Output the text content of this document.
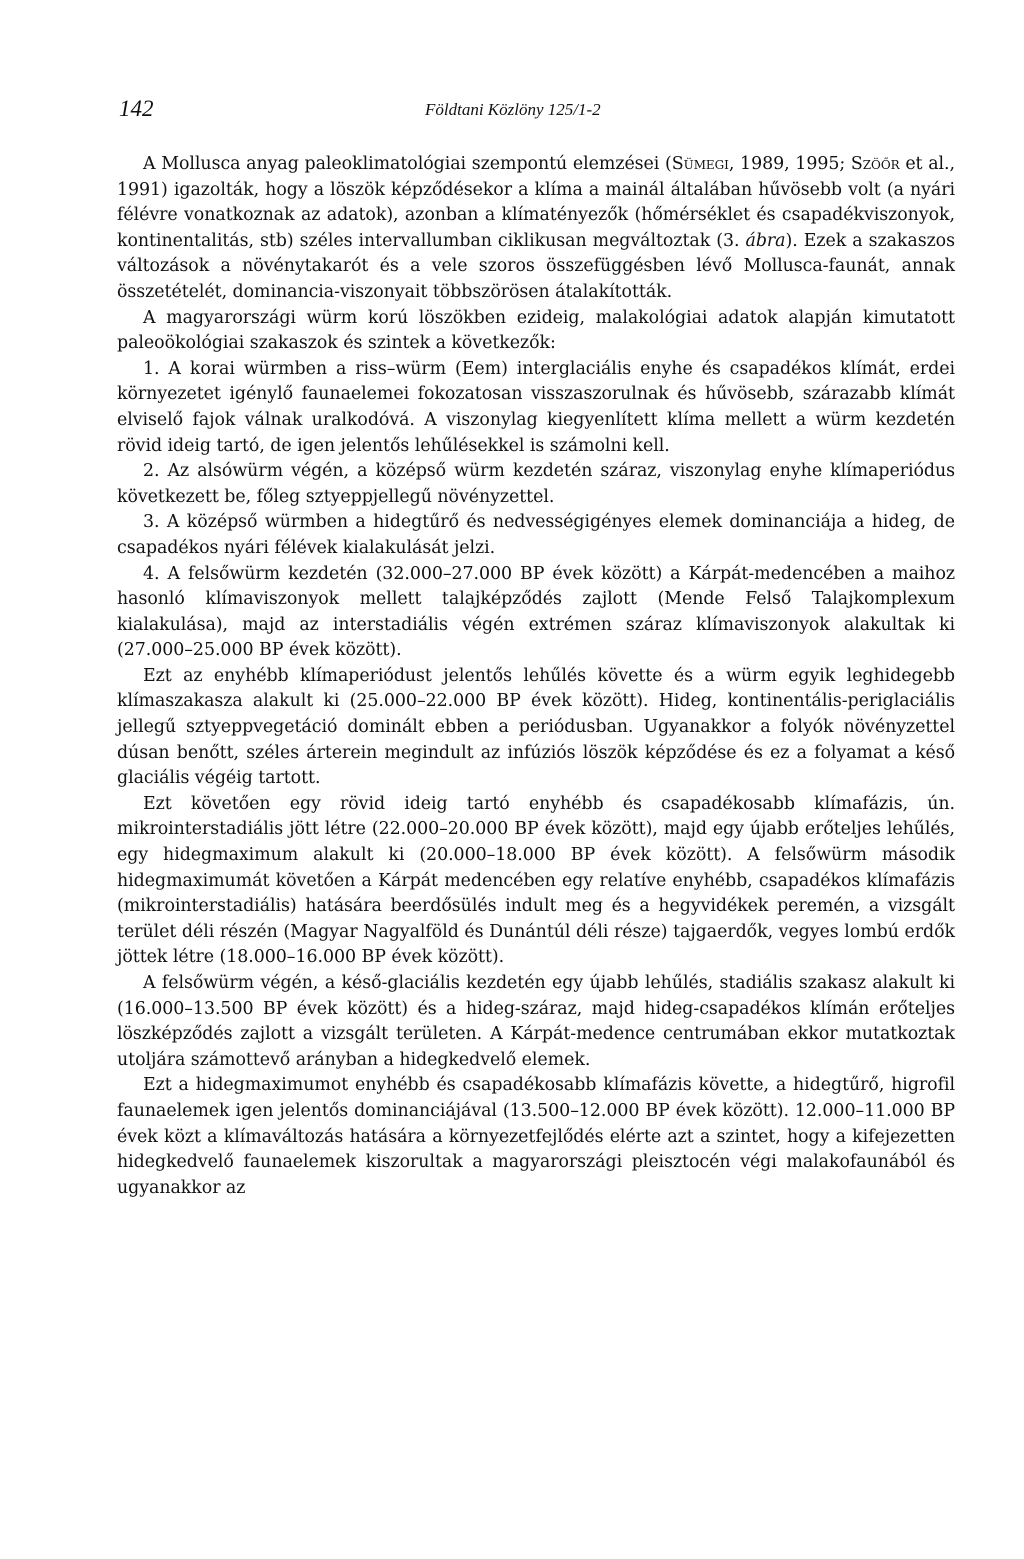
142	Földtani Közlöny 125/1-2

A Mollusca anyag paleoklimatológiai szempontú elemzései (Sümegi, 1989, 1995; Szöőr et al., 1991) igazolták, hogy a löszök képződésekor a klíma a mainál általában hűvösebb volt (a nyári félévre vonatkoznak az adatok), azonban a klímatényezők (hőmérséklet és csapadékviszonyok, kontinentalitás, stb) széles intervallumban ciklikusan megváltoztak (3. ábra). Ezek a szakaszos változások a növénytakarót és a vele szoros összefüggésben lévő Mollusca-faunát, annak összetételét, dominancia-viszonyait többszörösen átalakították.

A magyarországi würm korú löszökben ezideig, malakológiai adatok alapján kimutatott paleoökológiai szakaszok és szintek a következők:

1. A korai würmben a riss–würm (Eem) interglaciális enyhe és csapadékos klímát, erdei környezetet igénylő faunaelemei fokozatosan visszaszorulnak és hűvösebb, szárazabb klímát elviselő fajok válnak uralkodóvá. A viszonylag kiegyenlített klíma mellett a würm kezdetén rövid ideig tartó, de igen jelentős lehűlésekkel is számolni kell.

2. Az alsówürm végén, a középső würm kezdetén száraz, viszonylag enyhe klímaperiódus következett be, főleg sztyeppjellegű növényzettel.

3. A középső würmben a hidegtűrő és nedvességigényes elemek dominanciája a hideg, de csapadékos nyári félévek kialakulását jelzi.

4. A felsőwürm kezdetén (32.000–27.000 BP évek között) a Kárpát-medencében a maihoz hasonló klímaviszonyok mellett talajképződés zajlott (Mende Felső Talajkomplexum kialakulása), majd az interstadiális végén extrémen száraz klímaviszonyok alakultak ki (27.000–25.000 BP évek között).

Ezt az enyhébb klímaperiódust jelentős lehűlés követte és a würm egyik leghidegebb klímaszakasza alakult ki (25.000–22.000 BP évek között). Hideg, kontinentális-periglaciális jellegű sztyeppvegetáció dominált ebben a periódusban. Ugyanakkor a folyók növényzettel dúsan benőtt, széles árterein megindult az infúziós löszök képződése és ez a folyamat a késő glaciális végéig tartott.

Ezt követően egy rövid ideig tartó enyhébb és csapadékosabb klímafázis, ún. mikrointerstadiális jött létre (22.000–20.000 BP évek között), majd egy újabb erőteljes lehűlés, egy hidegmaximum alakult ki (20.000–18.000 BP évek között). A felsőwürm második hidegmaximumát követően a Kárpát medencében egy relatíve enyhébb, csapadékos klímafázis (mikrointerstadiális) hatására beerdősülés indult meg és a hegyvidékek peremén, a vizsgált terület déli részén (Magyar Nagyalföld és Dunántúl déli része) tajgaerdők, vegyes lombú erdők jöttek létre (18.000–16.000 BP évek között).

A felsőwürm végén, a késő-glaciális kezdetén egy újabb lehűlés, stadiális szakasz alakult ki (16.000–13.500 BP évek között) és a hideg-száraz, majd hideg-csapadékos klímán erőteljes löszképződés zajlott a vizsgált területen. A Kárpát-medence centrumában ekkor mutatkoztak utoljára számottevő arányban a hidegkedvelő elemek.

Ezt a hidegmaximumot enyhébb és csapadékosabb klímafázis követte, a hidegtűrő, higrofil faunaelemek igen jelentős dominanciájával (13.500–12.000 BP évek között). 12.000–11.000 BP évek közt a klímaváltozás hatására a környezetfejlődés elérte azt a szintet, hogy a kifejezetten hidegkedvelő faunaelemek kiszorultak a magyarországi pleisztocén végi malakofaunából és ugyanakkor az
